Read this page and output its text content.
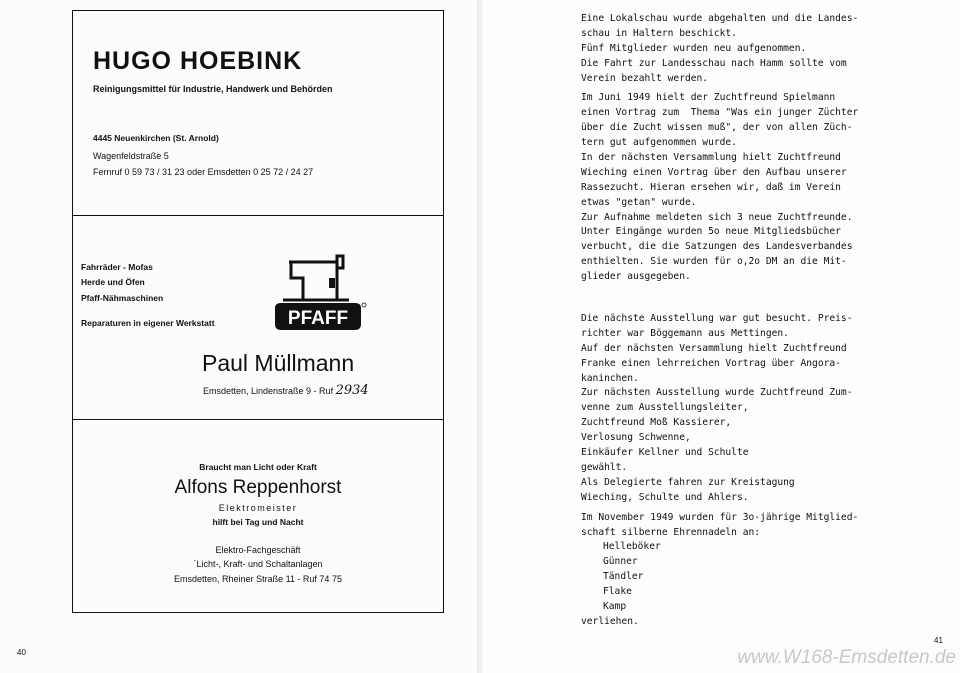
HUGO HOEBINK
Reinigungsmittel für Industrie, Handwerk und Behörden
4445 Neuenkirchen (St. Arnold)
Wagenfeldstraße 5
Fernruf 0 59 73 / 31 23 oder Emsdetten 0 25 72 / 24 27
Fahrräder - Mofas
Herde und Öfen
Pfaff-Nähmaschinen
Reparaturen in eigener Werkstatt	PFAFF
Paul Müllmann
Emsdetten, Lindenstraße 9 - Ruf 2934
Braucht man Licht oder Kraft
Alfons Reppenhorst
Elektromeister
hilft bei Tag und Nacht
Elektro-Fachgeschäft
´Licht-, Kraft- und Schaltanlagen
Emsdetten, Rheiner Straße 11 - Ruf 74 75
40
Eine Lokalschau wurde abgehalten und die Landes-
schau in Haltern beschickt.
Fünf Mitglieder wurden neu aufgenommen.
Die Fahrt zur Landesschau nach Hamm sollte vom
Verein bezahlt werden.
Im Juni 1949 hielt der Zuchtfreund Spielmann
einen Vortrag zum  Thema "Was ein junger Züchter
über die Zucht wissen muß", der von allen Züch-
tern gut aufgenommen wurde.
In der nächsten Versammlung hielt Zuchtfreund
Wieching einen Vortrag über den Aufbau unserer
Rassezucht. Hieran ersehen wir, daß im Verein
etwas "getan" wurde.
Zur Aufnahme meldeten sich 3 neue Zuchtfreunde.
Unter Eingänge wurden 5o neue Mitgliedsbücher
verbucht, die die Satzungen des Landesverbandes
enthielten. Sie wurden für o,2o DM an die Mit-
glieder ausgegeben.
Die nächste Ausstellung war gut besucht. Preis-
richter war Böggemann aus Mettingen.
Auf der nächsten Versammlung hielt Zuchtfreund
Franke einen lehrreichen Vortrag über Angora-
kaninchen.
Zur nächsten Ausstellung wurde Zuchtfreund Zum-
venne zum Ausstellungsleiter,
Zuchtfreund Moß Kassierer,
Verlosung Schwenne,
Einkäufer Kellner und Schulte
gewählt.
Als Delegierte fahren zur Kreistagung
Wieching, Schulte und Ahlers.
Im November 1949 wurden für 3o-jährige Mitglied-
schaft silberne Ehrennadeln an:
Helleböker
Günner
Tändler
Flake
Kamp
verliehen.
41
www.W168-Emsdetten.de
